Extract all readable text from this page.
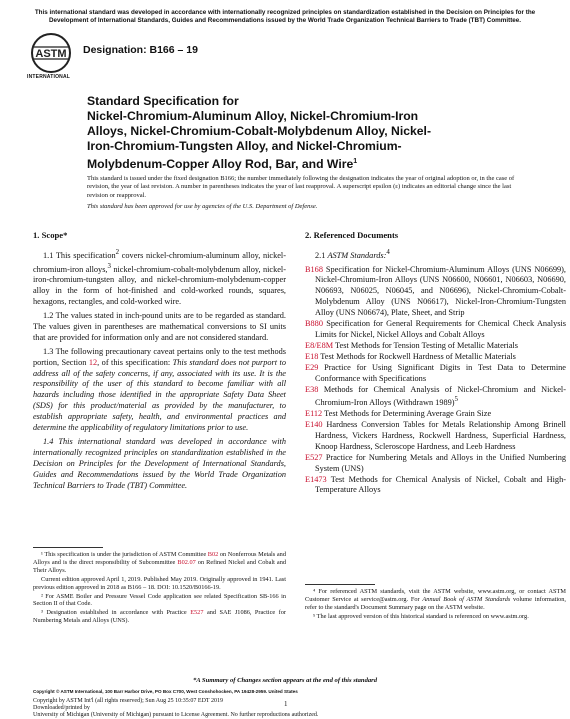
This international standard was developed in accordance with internationally recognized principles on standardization established in the Decision on Principles for the
Development of International Standards, Guides and Recommendations issued by the World Trade Organization Technical Barriers to Trade (TBT) Committee.
ASTM
INTERNATIONAL
Designation: B166 – 19
Standard Specification for
Nickel-Chromium-Aluminum Alloy, Nickel-Chromium-Iron
Alloys, Nickel-Chromium-Cobalt-Molybdenum Alloy, Nickel-
Iron-Chromium-Tungsten Alloy, and Nickel-Chromium-
Molybdenum-Copper Alloy Rod, Bar, and Wire$^1$
This standard is issued under the fixed designation B166; the number immediately following the designation indicates the year of original adoption or, in the case of revision, the year of last revision. A number in parentheses indicates the year of last reapproval. A superscript epsilon (ε) indicates an editorial change since the last revision or reapproval.
This standard has been approved for use by agencies of the U.S. Department of Defense.
1. Scope*

1.1 This specification$^2$ covers nickel-chromium-aluminum alloy, nickel-chromium-iron alloys,$^3$ nickel-chromium-cobalt-molybdenum alloy, nickel-iron-chromium-tungsten alloy, and nickel-chromium-molybdenum-copper alloy in the form of hot-finished and cold-worked rounds, squares, hexagons, rectangles, and cold-worked wire.

1.2 The values stated in inch-pound units are to be regarded as standard. The values given in parentheses are mathematical conversions to SI units that are provided for information only and are not considered standard.

1.3 The following precautionary caveat pertains only to the test methods portion, Section 12, of this specification: This standard does not purport to address all of the safety concerns, if any, associated with its use. It is the responsibility of the user of this standard to become familiar with all hazards including those identified in the appropriate Safety Data Sheet (SDS) for this product/material as provided by the manufacturer, to establish appropriate safety, health, and environmental practices and determine the applicability of regulatory limitations prior to use.

1.4 This international standard was developed in accordance with internationally recognized principles on standardization established in the Decision on Principles for the Development of International Standards, Guides and Recommendations issued by the World Trade Organization Technical Barriers to Trade (TBT) Committee.

2. Referenced Documents

2.1 ASTM Standards:$^4$

B168 Specification for Nickel-Chromium-Aluminum Alloys (UNS N06699), Nickel-Chromium-Iron Alloys (UNS N06600, N06601, N06603, N06690, N06693, N06025, N06045, and N06696), Nickel-Chromium-Cobalt-Molybdenum Alloy (UNS N06617), Nickel-Iron-Chromium-Tungsten Alloy (UNS N06674), Plate, Sheet, and Strip

B880 Specification for General Requirements for Chemical Check Analysis Limits for Nickel, Nickel Alloys and Cobalt Alloys

E8/E8M Test Methods for Tension Testing of Metallic Materials

E18 Test Methods for Rockwell Hardness of Metallic Materials

E29 Practice for Using Significant Digits in Test Data to Determine Conformance with Specifications

E38 Methods for Chemical Analysis of Nickel-Chromium and Nickel-Chromium-Iron Alloys (Withdrawn 1989)$^5$

E112 Test Methods for Determining Average Grain Size

E140 Hardness Conversion Tables for Metals Relationship Among Brinell Hardness, Vickers Hardness, Rockwell Hardness, Superficial Hardness, Knoop Hardness, Scleroscope Hardness, and Leeb Hardness

E527 Practice for Numbering Metals and Alloys in the Unified Numbering System (UNS)

E1473 Test Methods for Chemical Analysis of Nickel, Cobalt and High-Temperature Alloys

¹ This specification is under the jurisdiction of ASTM Committee B02 on Nonferrous Metals and Alloys and is the direct responsibility of Subcommittee B02.07 on Refined Nickel and Cobalt and Their Alloys.

Current edition approved April 1, 2019. Published May 2019. Originally approved in 1941. Last previous edition approved in 2018 as B166 – 18. DOI: 10.1520/B0166-19.

² For ASME Boiler and Pressure Vessel Code application see related Specification SB-166 in Section II of that Code.

³ Designation established in accordance with Practice E527 and SAE J1086, Practice for Numbering Metals and Alloys (UNS).

⁴ For referenced ASTM standards, visit the ASTM website, www.astm.org, or contact ASTM Customer Service at service@astm.org. For Annual Book of ASTM Standards volume information, refer to the standard's Document Summary page on the ASTM website.

⁵ The last approved version of this historical standard is referenced on www.astm.org.

*A Summary of Changes section appears at the end of this standard
Copyright © ASTM International, 100 Barr Harbor Drive, PO Box C700, West Conshohocken, PA 19428-2959. United States
Copyright by ASTM Int'l (all rights reserved); Sun Aug 25 10:35:07 EDT 2019
Downloaded/printed by
University of Michigan (University of Michigan) pursuant to License Agreement. No further reproductions authorized.
1
